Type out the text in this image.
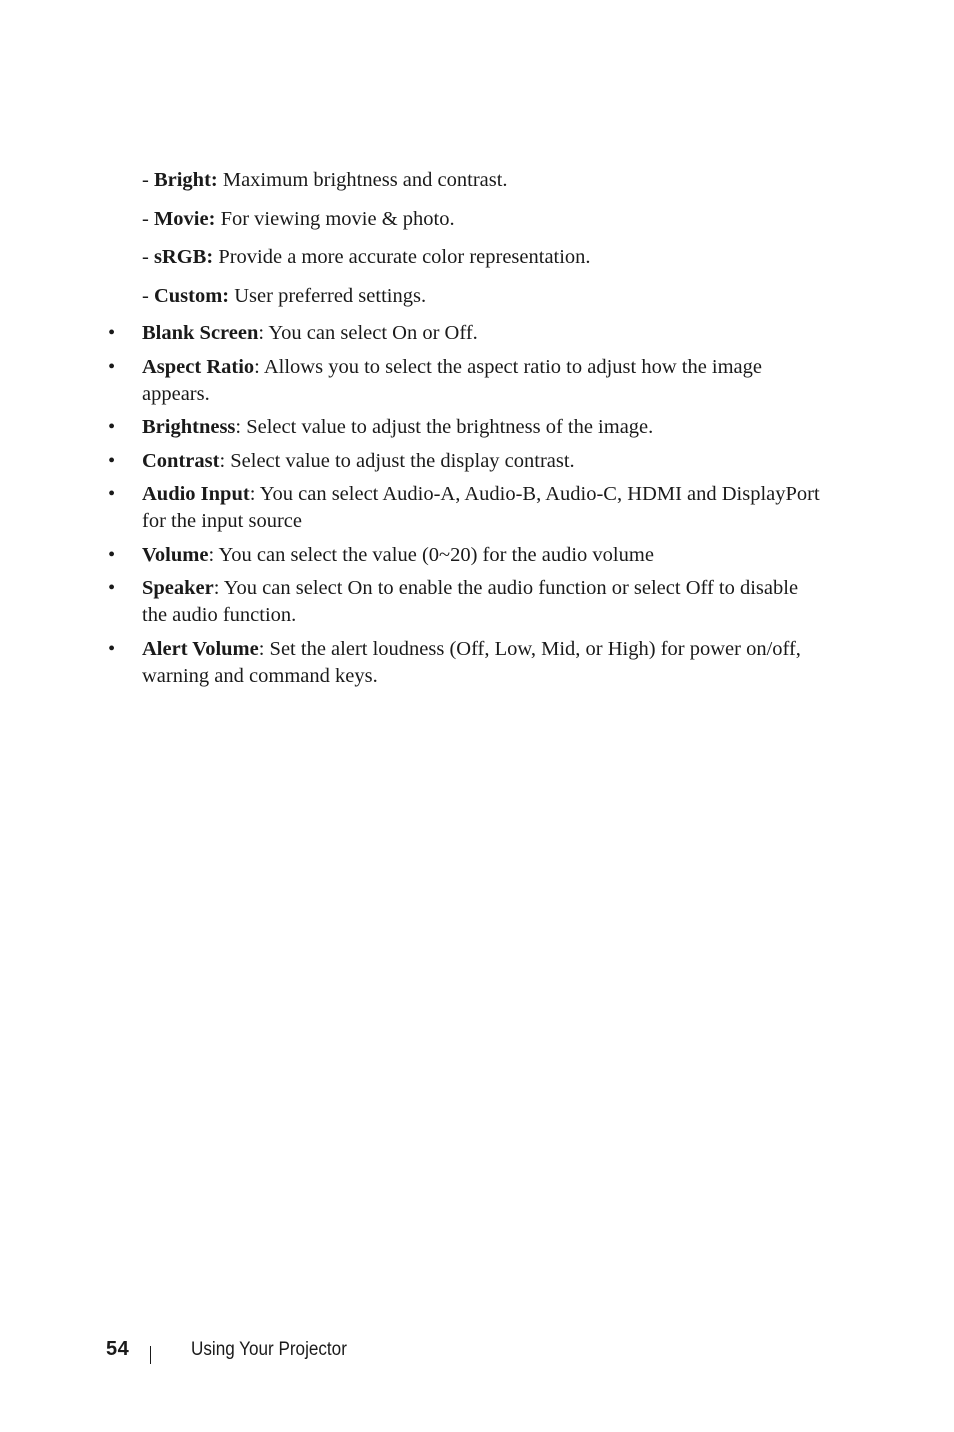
- Bright: Maximum brightness and contrast.
- Movie: For viewing movie & photo.
- sRGB: Provide a more accurate color representation.
- Custom: User preferred settings.
•	Blank Screen: You can select On or Off.
•	Aspect Ratio: Allows you to select the aspect ratio to adjust how the image appears.
•	Brightness: Select value to adjust the brightness of the image.
•	Contrast: Select value to adjust the display contrast.
•	Audio Input: You can select Audio-A, Audio-B, Audio-C, HDMI and DisplayPort for the input source
•	Volume: You can select the value (0~20) for the audio volume
•	Speaker: You can select On to enable the audio function or select Off to disable the audio function.
•	Alert Volume: Set the alert loudness (Off, Low, Mid, or High) for power on/off, warning and command keys.
54	Using Your Projector
